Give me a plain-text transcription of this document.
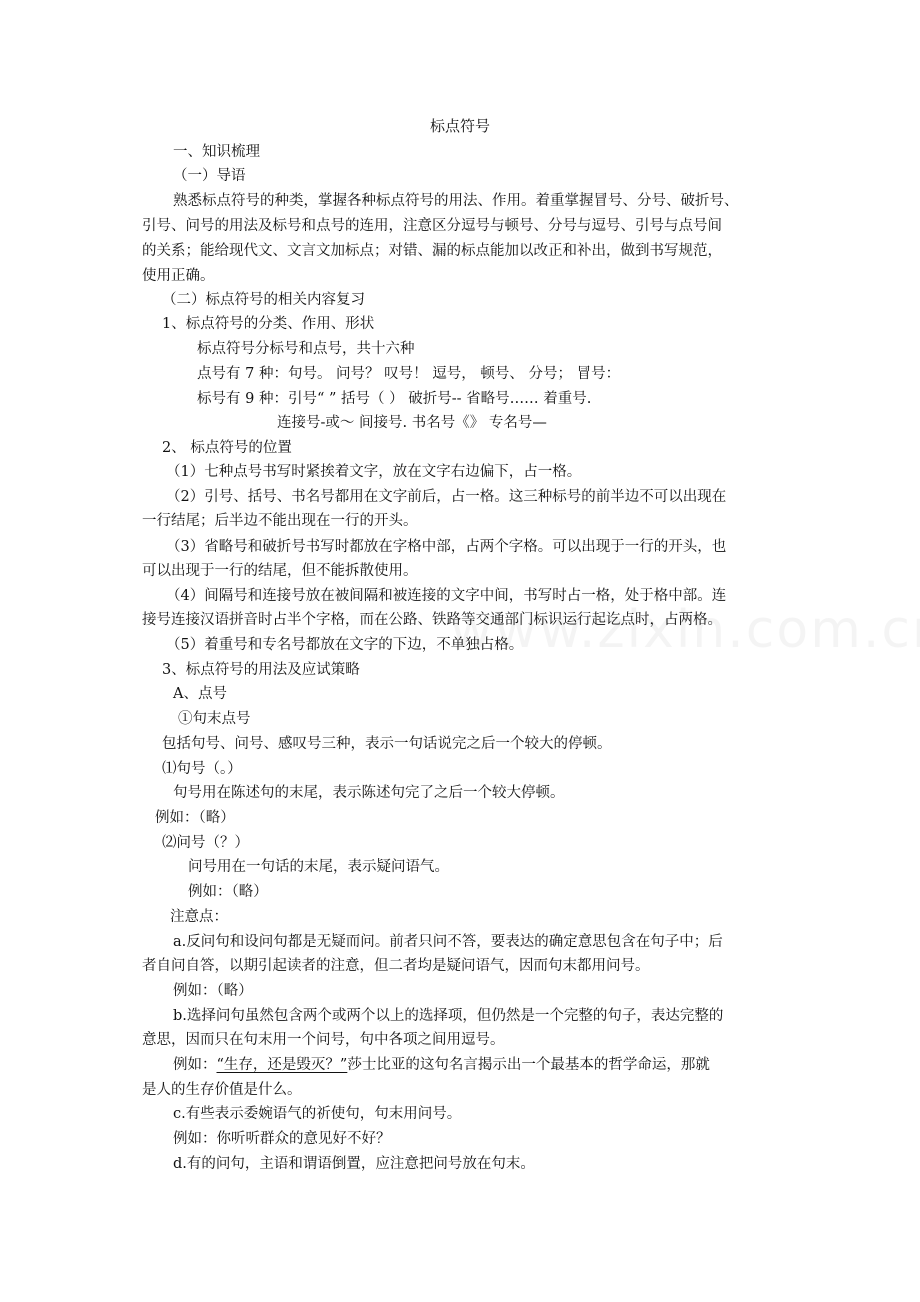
标点符号
一、知识梳理
（一）导语
熟悉标点符号的种类，掌握各种标点符号的用法、作用。着重掌握冒号、分号、破折号、
引号、问号的用法及标号和点号的连用，注意区分逗号与顿号、分号与逗号、引号与点号间
的关系；能给现代文、文言文加标点；对错、漏的标点能加以改正和补出，做到书写规范，
使用正确。
（二）标点符号的相关内容复习
1、标点符号的分类、作用、形状
标点符号分标号和点号，共十六种
点号有 7 种：句号。 问号？ 叹号！ 逗号， 顿号、 分号； 冒号：
标号有 9 种：引号“ ” 括号（ ） 破折号-- 省略号…… 着重号.
连接号-或～ 间接号. 书名号《》 专名号—
2、 标点符号的位置
（1）七种点号书写时紧挨着文字，放在文字右边偏下，占一格。
（2）引号、括号、书名号都用在文字前后，占一格。这三种标号的前半边不可以出现在
一行结尾；后半边不能出现在一行的开头。
（3）省略号和破折号书写时都放在字格中部，占两个字格。可以出现于一行的开头，也
可以出现于一行的结尾，但不能拆散使用。
（4）间隔号和连接号放在被间隔和被连接的文字中间，书写时占一格，处于格中部。连
接号连接汉语拼音时占半个字格，而在公路、铁路等交通部门标识运行起讫点时，占两格。
（5）着重号和专名号都放在文字的下边，不单独占格。
3、标点符号的用法及应试策略
A、点号
①句末点号
包括句号、问号、感叹号三种，表示一句话说完之后一个较大的停顿。
⑴句号（。）
句号用在陈述句的末尾，表示陈述句完了之后一个较大停顿。
例如：（略）
⑵问号（？）
问号用在一句话的末尾，表示疑问语气。
例如：（略）
注意点：
a.反问句和设问句都是无疑而问。前者只问不答，要表达的确定意思包含在句子中；后
者自问自答，以期引起读者的注意，但二者均是疑问语气，因而句末都用问号。
例如：（略）
b.选择问句虽然包含两个或两个以上的选择项，但仍然是一个完整的句子，表达完整的
意思，因而只在句末用一个问号，句中各项之间用逗号。
例如：“生存，还是毁灭？”莎士比亚的这句名言揭示出一个最基本的哲学命运，那就
是人的生存价值是什么。
c.有些表示委婉语气的祈使句，句末用问号。
例如：你听听群众的意见好不好？
d.有的问句，主语和谓语倒置，应注意把问号放在句末。
